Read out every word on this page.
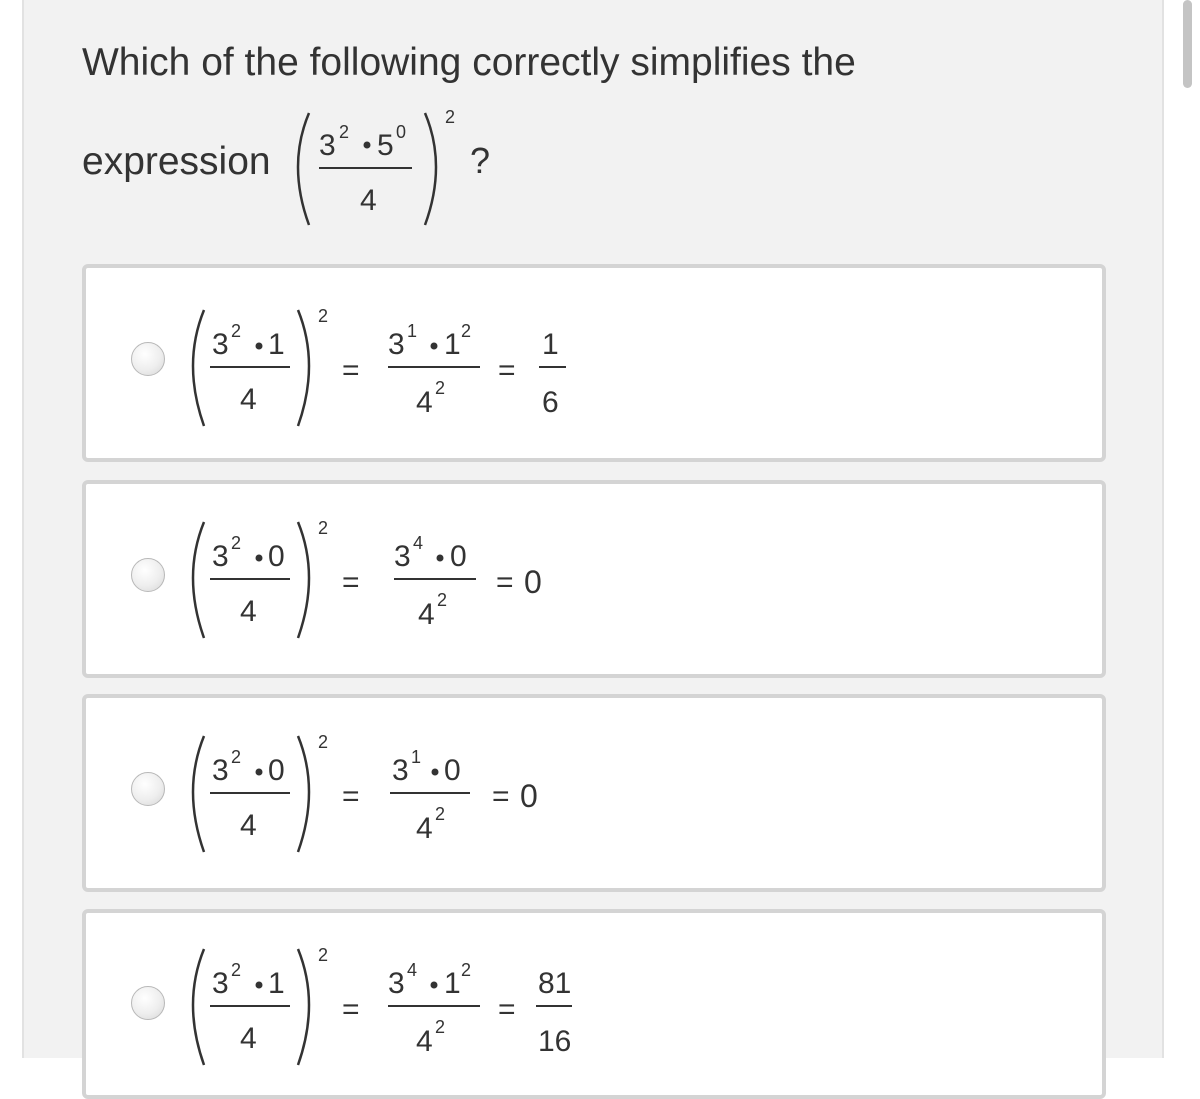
Which of the following correctly simplifies the
expression 3 2 5 0
4
2
?
3 2 1
4
2
=
3 1 1 2
4 2
=
1
6
3 2 0
4
2
=
3 4 0
4 2
= 0
3 2 0
4
2
=
3 1 0
4 2
= 0
3 2 1
4
2
=
3 4 1 2
4 2
=
81
16
